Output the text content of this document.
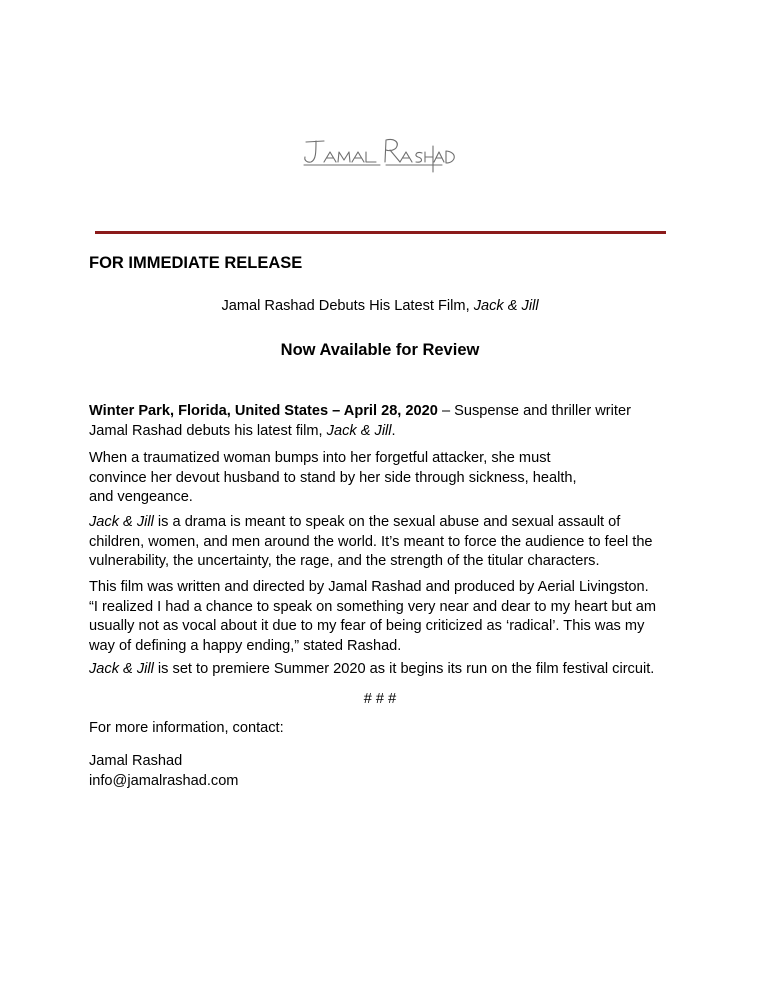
FOR IMMEDIATE RELEASE
Jamal Rashad Debuts His Latest Film, Jack & Jill
Now Available for Review
Winter Park, Florida, United States – April 28, 2020 – Suspense and thriller writer
Jamal Rashad debuts his latest film, Jack & Jill.
When a traumatized woman bumps into her forgetful attacker, she must
convince her devout husband to stand by her side through sickness, health,
and vengeance.
Jack & Jill is a drama is meant to speak on the sexual abuse and sexual assault of
children, women, and men around the world. It’s meant to force the audience to feel the
vulnerability, the uncertainty, the rage, and the strength of the titular characters.
This film was written and directed by Jamal Rashad and produced by Aerial Livingston.
“I realized I had a chance to speak on something very near and dear to my heart but am
usually not as vocal about it due to my fear of being criticized as ‘radical’. This was my
way of defining a happy ending,” stated Rashad.
Jack & Jill is set to premiere Summer 2020 as it begins its run on the film festival circuit.
# # #
For more information, contact:
Jamal Rashad
info@jamalrashad.com
